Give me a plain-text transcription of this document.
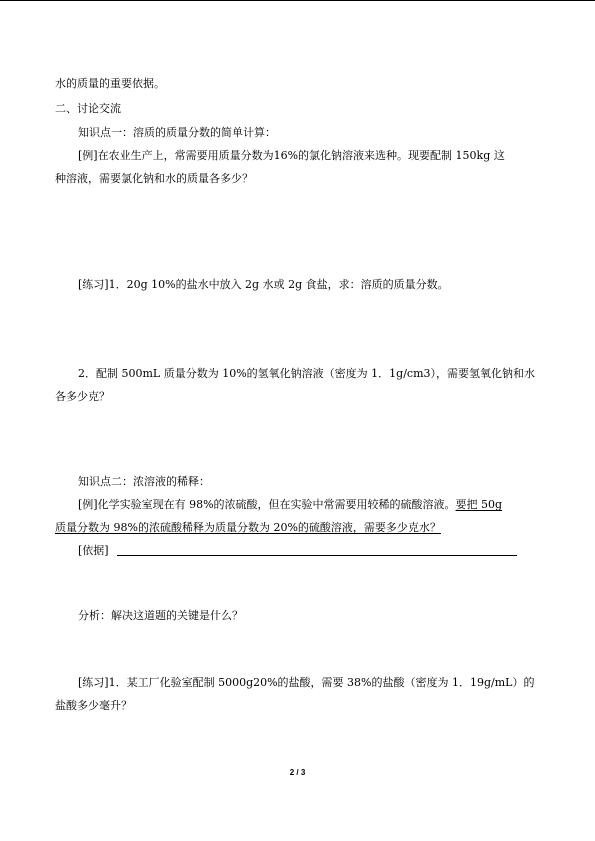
水的质量的重要依据。
二、讨论交流
知识点一：溶质的质量分数的简单计算：
[例]在农业生产上，常需要用质量分数为16%的氯化钠溶液来选种。现要配制 150kg 这
种溶液，需要氯化钠和水的质量各多少？
[练习]1．20g 10%的盐水中放入 2g 水或 2g 食盐，求：溶质的质量分数。
2．配制 500mL 质量分数为 10%的氢氧化钠溶液（密度为 1．1g/cm3），需要氢氧化钠和水
各多少克？
知识点二：浓溶液的稀释：
[例]化学实验室现在有 98%的浓硫酸，但在实验中常需要用较稀的硫酸溶液。要把 50g
质量分数为 98%的浓硫酸稀释为质量分数为 20%的硫酸溶液，需要多少克水？
[依据]
分析：解决这道题的关键是什么？
[练习]1．某工厂化验室配制 5000g20%的盐酸，需要 38%的盐酸（密度为 1．19g/mL）的
盐酸多少毫升？
2 / 3
